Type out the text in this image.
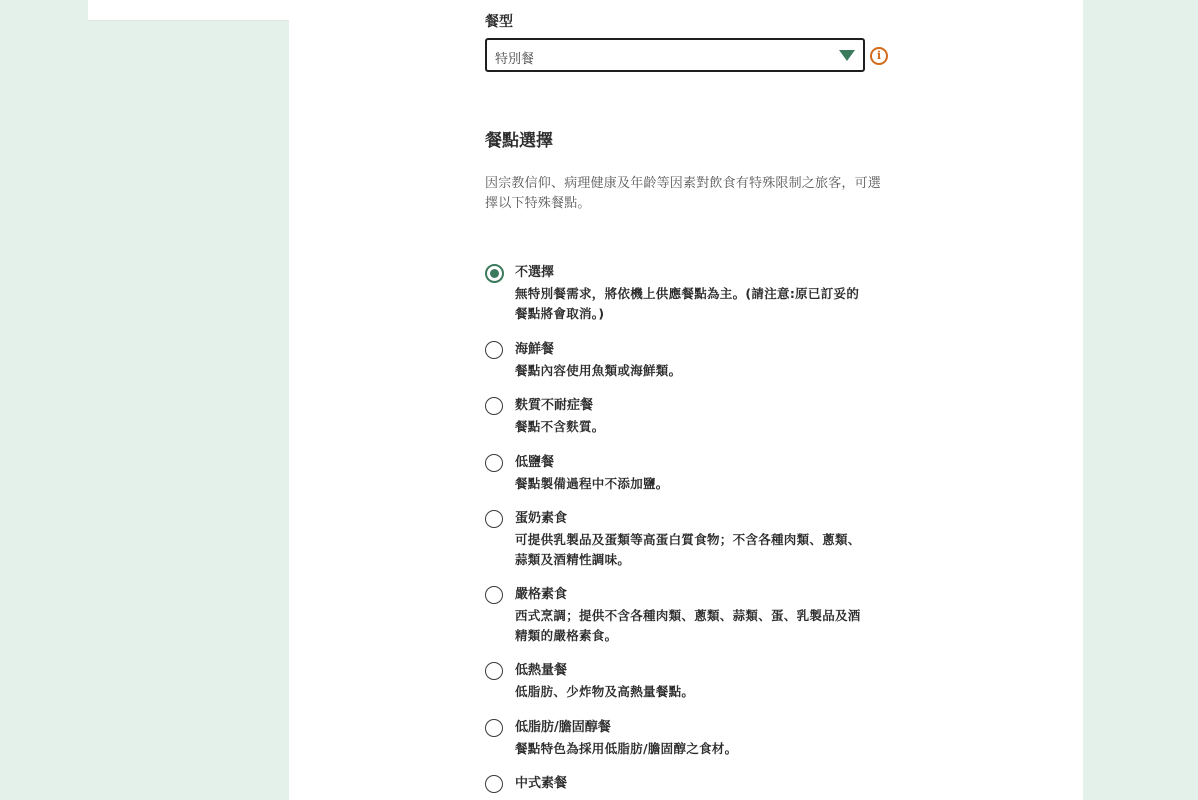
餐型
特別餐	i
餐點選擇
因宗教信仰、病理健康及年齡等因素對飲食有特殊限制之旅客，可選擇以下特殊餐點。
不選擇
無特別餐需求，將依機上供應餐點為主。(請注意:原已訂妥的餐點將會取消。)
海鮮餐
餐點內容使用魚類或海鮮類。
麩質不耐症餐
餐點不含麩質。
低鹽餐
餐點製備過程中不添加鹽。
蛋奶素食
可提供乳製品及蛋類等高蛋白質食物；不含各種肉類、蔥類、蒜類及酒精性調味。
嚴格素食
西式烹調；提供不含各種肉類、蔥類、蒜類、蛋、乳製品及酒精類的嚴格素食。
低熱量餐
低脂肪、少炸物及高熱量餐點。
低脂肪/膽固醇餐
餐點特色為採用低脂肪/膽固醇之食材。
中式素餐
